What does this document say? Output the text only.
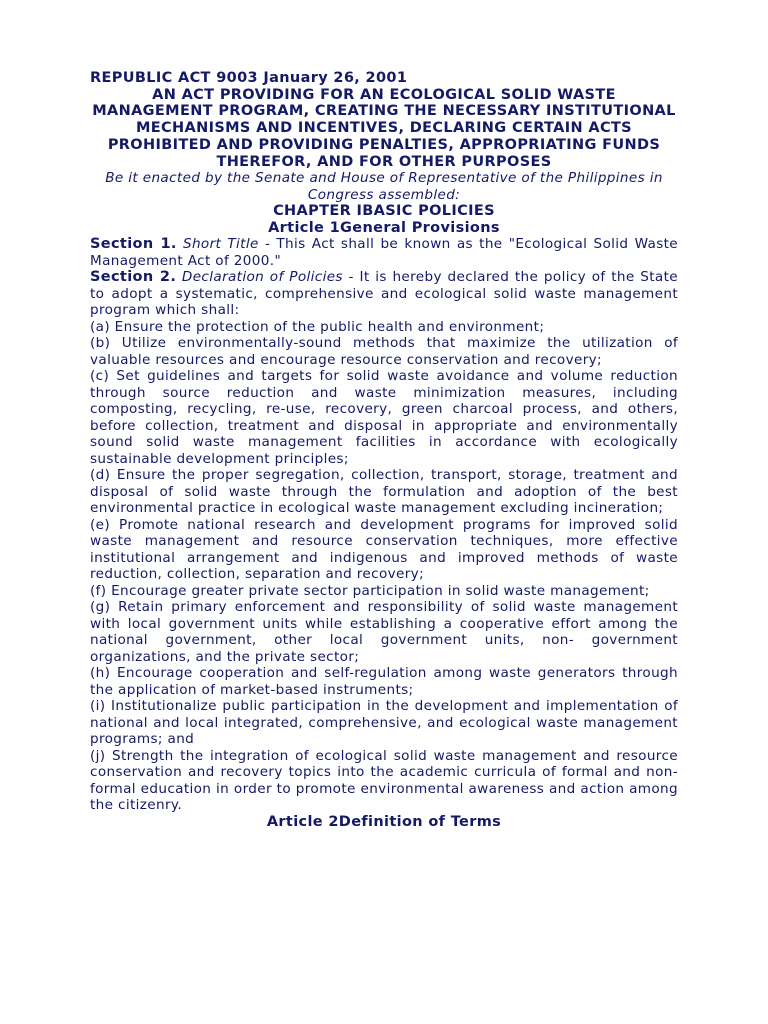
REPUBLIC ACT 9003 January 26, 2001

AN ACT PROVIDING FOR AN ECOLOGICAL SOLID WASTE MANAGEMENT PROGRAM, CREATING THE NECESSARY INSTITUTIONAL MECHANISMS AND INCENTIVES, DECLARING CERTAIN ACTS PROHIBITED AND PROVIDING PENALTIES, APPROPRIATING FUNDS THEREFOR, AND FOR OTHER PURPOSES

Be it enacted by the Senate and House of Representative of the Philippines in Congress assembled:

CHAPTER IBASIC POLICIES

Article 1General Provisions

Section 1. Short Title - This Act shall be known as the "Ecological Solid Waste Management Act of 2000."

Section 2. Declaration of Policies - It is hereby declared the policy of the State to adopt a systematic, comprehensive and ecological solid waste management program which shall:

(a) Ensure the protection of the public health and environment;

(b) Utilize environmentally-sound methods that maximize the utilization of valuable resources and encourage resource conservation and recovery;

(c) Set guidelines and targets for solid waste avoidance and volume reduction through source reduction and waste minimization measures, including composting, recycling, re-use, recovery, green charcoal process, and others, before collection, treatment and disposal in appropriate and environmentally sound solid waste management facilities in accordance with ecologically sustainable development principles;

(d) Ensure the proper segregation, collection, transport, storage, treatment and disposal of solid waste through the formulation and adoption of the best environmental practice in ecological waste management excluding incineration;

(e) Promote national research and development programs for improved solid waste management and resource conservation techniques, more effective institutional arrangement and indigenous and improved methods of waste reduction, collection, separation and recovery;

(f) Encourage greater private sector participation in solid waste management;

(g) Retain primary enforcement and responsibility of solid waste management with local government units while establishing a cooperative effort among the national government, other local government units, non- government organizations, and the private sector;

(h) Encourage cooperation and self-regulation among waste generators through the application of market-based instruments;

(i) Institutionalize public participation in the development and implementation of national and local integrated, comprehensive, and ecological waste management programs; and

(j) Strength the integration of ecological solid waste management and resource conservation and recovery topics into the academic curricula of formal and non-formal education in order to promote environmental awareness and action among the citizenry.

Article 2Definition of Terms
